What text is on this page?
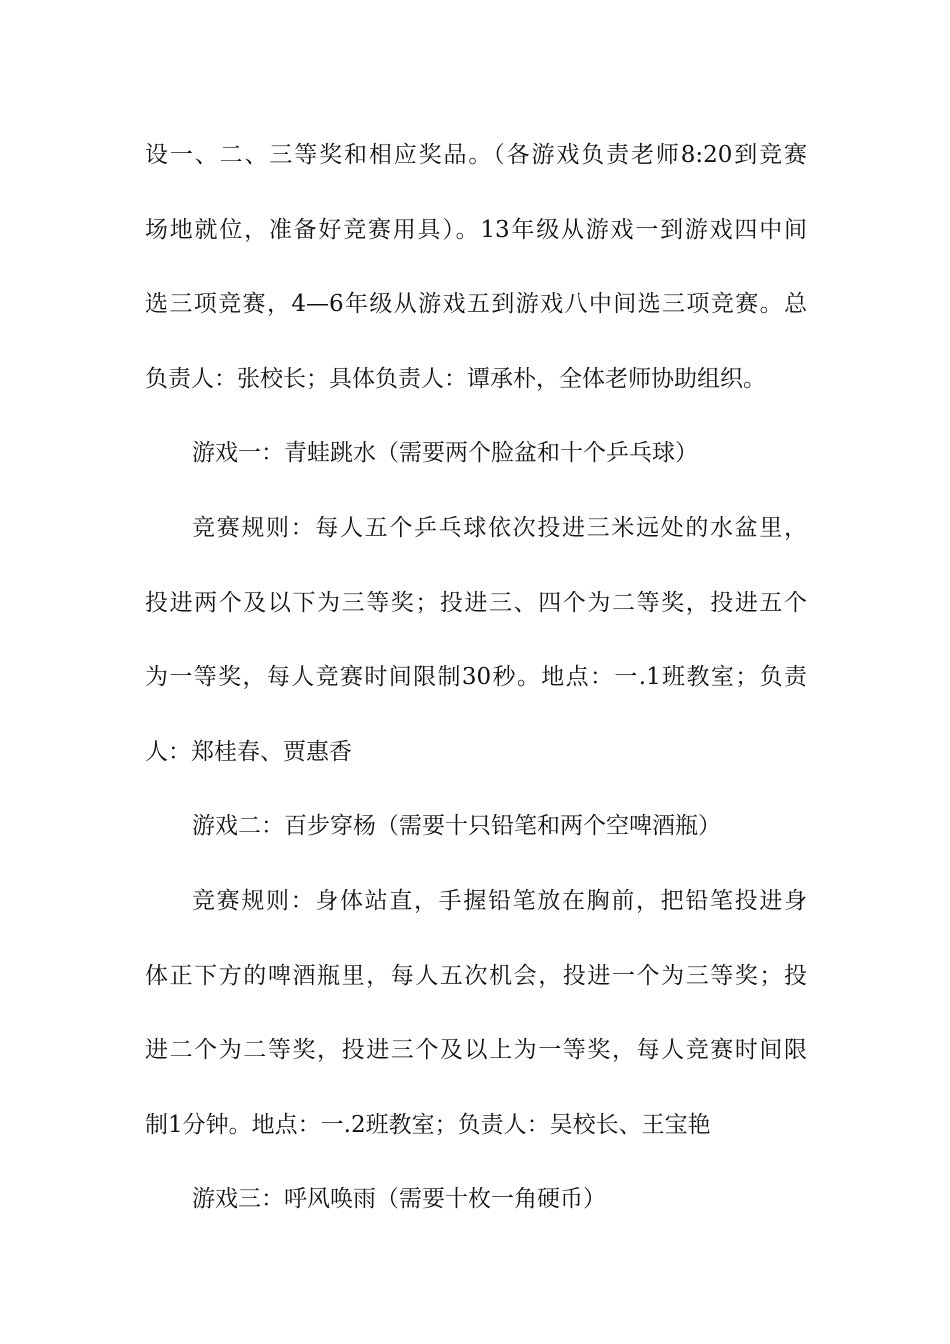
设一、二、三等奖和相应奖品。（各游戏负责老师8:20到竞赛
场地就位，准备好竞赛用具）。13年级从游戏一到游戏四中间
选三项竞赛，4—6年级从游戏五到游戏八中间选三项竞赛。总
负责人：张校长；具体负责人：谭承朴，全体老师协助组织。
游戏一：青蛙跳水（需要两个脸盆和十个乒乓球）
竞赛规则：每人五个乒乓球依次投进三米远处的水盆里，
投进两个及以下为三等奖；投进三、四个为二等奖，投进五个
为一等奖，每人竞赛时间限制30秒。地点：一.1班教室；负责
人：郑桂春、贾惠香
游戏二：百步穿杨（需要十只铅笔和两个空啤酒瓶）
竞赛规则：身体站直，手握铅笔放在胸前，把铅笔投进身
体正下方的啤酒瓶里，每人五次机会，投进一个为三等奖；投
进二个为二等奖，投进三个及以上为一等奖，每人竞赛时间限
制1分钟。地点：一.2班教室；负责人：吴校长、王宝艳
游戏三：呼风唤雨（需要十枚一角硬币）
